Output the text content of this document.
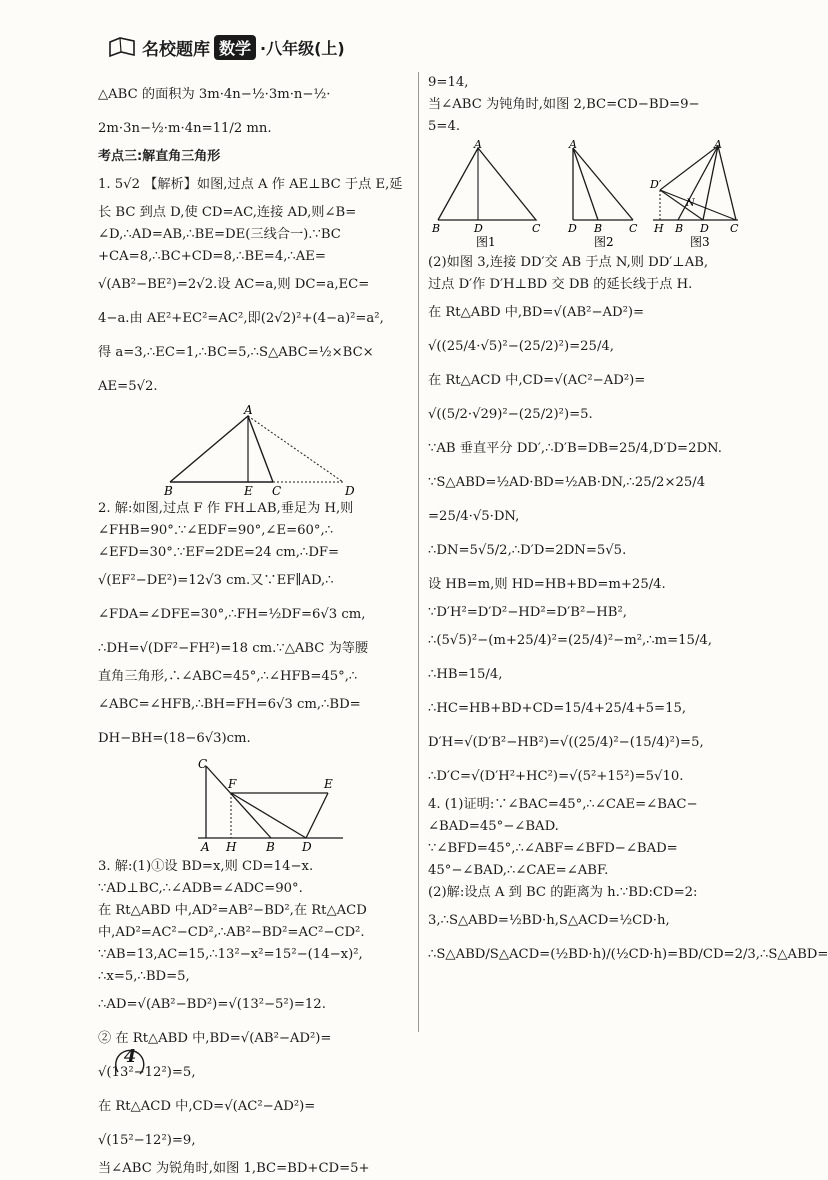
名校题库 数学 ·八年级(上)
△ABC 的面积为 3m·4n−½·3m·n−½·
2m·3n−½·m·4n=11/2 mn.
考点三:解直角三角形
1. 5√2 【解析】如图,过点 A 作 AE⊥BC 于点 E,延
长 BC 到点 D,使 CD=AC,连接 AD,则∠B=
∠D,∴AD=AB,∴BE=DE(三线合一).∵BC
+CA=8,∴BC+CD=8,∴BE=4,∴AE=
√(AB²−BE²)=2√2.设 AC=a,则 DC=a,EC=
4−a.由 AE²+EC²=AC²,即(2√2)²+(4−a)²=a²,
得 a=3,∴EC=1,∴BC=5,∴S△ABC=½×BC×
AE=5√2.
A
B	E C	D
2. 解:如图,过点 F 作 FH⊥AB,垂足为 H,则
∠FHB=90°.∵∠EDF=90°,∠E=60°,∴
∠EFD=30°.∵EF=2DE=24 cm,∴DF=
√(EF²−DE²)=12√3 cm.又∵EF∥AD,∴
∠FDA=∠DFE=30°,∴FH=½DF=6√3 cm,
∴DH=√(DF²−FH²)=18 cm.∵△ABC 为等腰
直角三角形,∴∠ABC=45°,∴∠HFB=45°,∴
∠ABC=∠HFB,∴BH=FH=6√3 cm,∴BD=
DH−BH=(18−6√3)cm.
C
F	E
A H B D
3. 解:(1)①设 BD=x,则 CD=14−x.
∵AD⊥BC,∴∠ADB=∠ADC=90°.
在 Rt△ABD 中,AD²=AB²−BD²,在 Rt△ACD
中,AD²=AC²−CD²,∴AB²−BD²=AC²−CD².
∵AB=13,AC=15,∴13²−x²=15²−(14−x)²,
∴x=5,∴BD=5,
∴AD=√(AB²−BD²)=√(13²−5²)=12.
② 在 Rt△ABD 中,BD=√(AB²−AD²)=
√(13²−12²)=5,
在 Rt△ACD 中,CD=√(AC²−AD²)=
√(15²−12²)=9,
当∠ABC 为锐角时,如图 1,BC=BD+CD=5+
9=14,
当∠ABC 为钝角时,如图 2,BC=CD−BD=9−
5=4.
A
B	D	C
图1
A
D B C
图2
A
D′
N
H B D C
图3
(2)如图 3,连接 DD′交 AB 于点 N,则 DD′⊥AB,
过点 D′作 D′H⊥BD 交 DB 的延长线于点 H.
在 Rt△ABD 中,BD=√(AB²−AD²)=
√((25/4·√5)²−(25/2)²)=25/4,
在 Rt△ACD 中,CD=√(AC²−AD²)=
√((5/2·√29)²−(25/2)²)=5.
∵AB 垂直平分 DD′,∴D′B=DB=25/4,D′D=2DN.
∵S△ABD=½AD·BD=½AB·DN,∴25/2×25/4
=25/4·√5·DN,
∴DN=5√5/2,∴D′D=2DN=5√5.
设 HB=m,则 HD=HB+BD=m+25/4.
∵D′H²=D′D²−HD²=D′B²−HB²,
∴(5√5)²−(m+25/4)²=(25/4)²−m²,∴m=15/4,
∴HB=15/4,
∴HC=HB+BD+CD=15/4+25/4+5=15,
D′H=√(D′B²−HB²)=√((25/4)²−(15/4)²)=5,
∴D′C=√(D′H²+HC²)=√(5²+15²)=5√10.
4. (1)证明:∵∠BAC=45°,∴∠CAE=∠BAC−
∠BAD=45°−∠BAD.
∵∠BFD=45°,∴∠ABF=∠BFD−∠BAD=
45°−∠BAD,∴∠CAE=∠ABF.
(2)解:设点 A 到 BC 的距离为 h.∵BD:CD=2:
3,∴S△ABD=½BD·h,S△ACD=½CD·h,
∴S△ABD/S△ACD=(½BD·h)/(½CD·h)=BD/CD=2/3,∴S△ABD=
4
